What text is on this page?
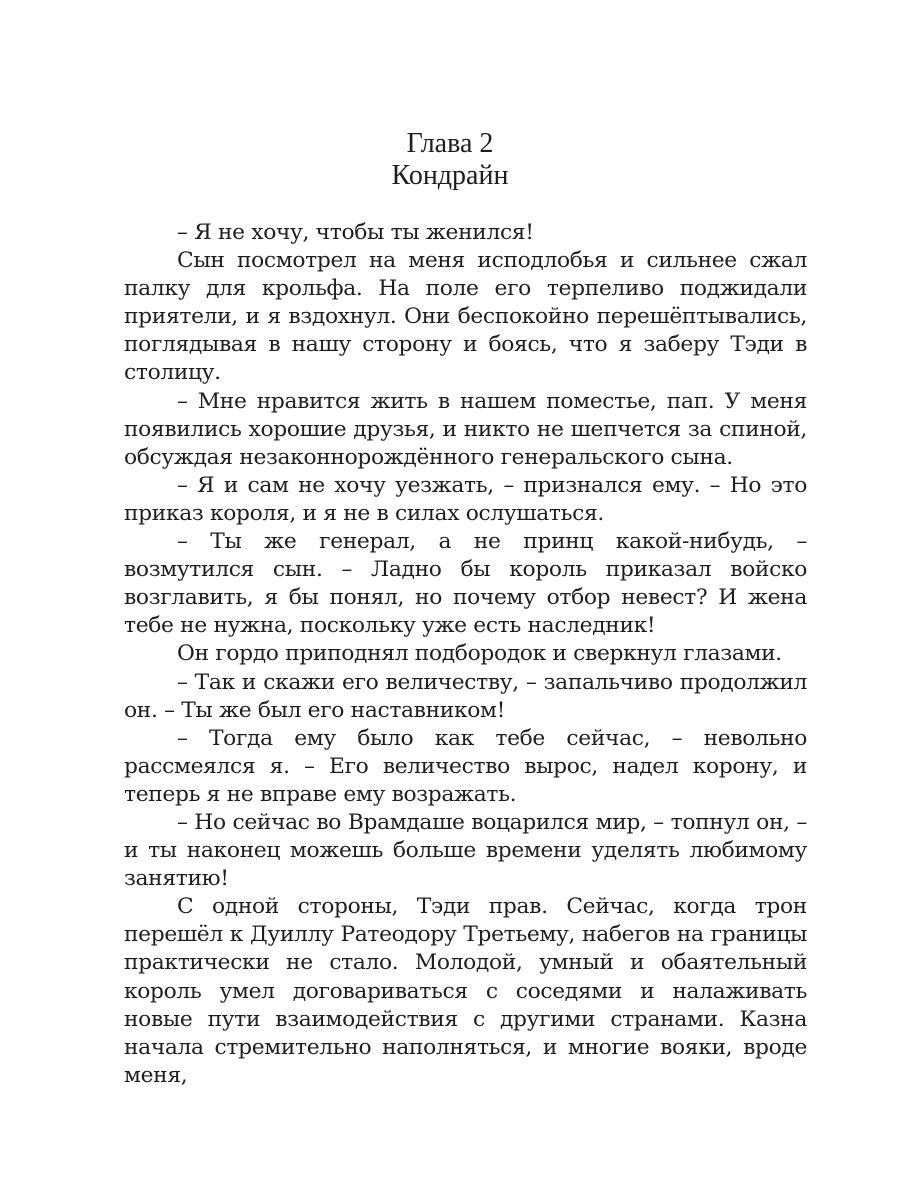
Глава 2
Кондрайн

– Я не хочу, чтобы ты женился!

Сын посмотрел на меня исподлобья и сильнее сжал палку для крольфа. На поле его терпеливо поджидали приятели, и я вздохнул. Они беспокойно перешёптывались, поглядывая в нашу сторону и боясь, что я заберу Тэди в столицу.

– Мне нравится жить в нашем поместье, пап. У меня появились хорошие друзья, и никто не шепчется за спиной, обсуждая незаконнорождённого генеральского сына.

– Я и сам не хочу уезжать, – признался ему. – Но это приказ короля, и я не в силах ослушаться.

– Ты же генерал, а не принц какой-нибудь, – возмутился сын. – Ладно бы король приказал войско возглавить, я бы понял, но почему отбор невест? И жена тебе не нужна, поскольку уже есть наследник!

Он гордо приподнял подбородок и сверкнул глазами.

– Так и скажи его величеству, – запальчиво продолжил он. – Ты же был его наставником!

– Тогда ему было как тебе сейчас, – невольно рассмеялся я. – Его величество вырос, надел корону, и теперь я не вправе ему возражать.

– Но сейчас во Врамдаше воцарился мир, – топнул он, – и ты наконец можешь больше времени уделять любимому занятию!

С одной стороны, Тэди прав. Сейчас, когда трон перешёл к Дуиллу Ратеодору Третьему, набегов на границы практически не стало. Молодой, умный и обаятельный король умел договариваться с соседями и налаживать новые пути взаимодействия с другими странами. Казна начала стремительно наполняться, и многие вояки, вроде меня,
